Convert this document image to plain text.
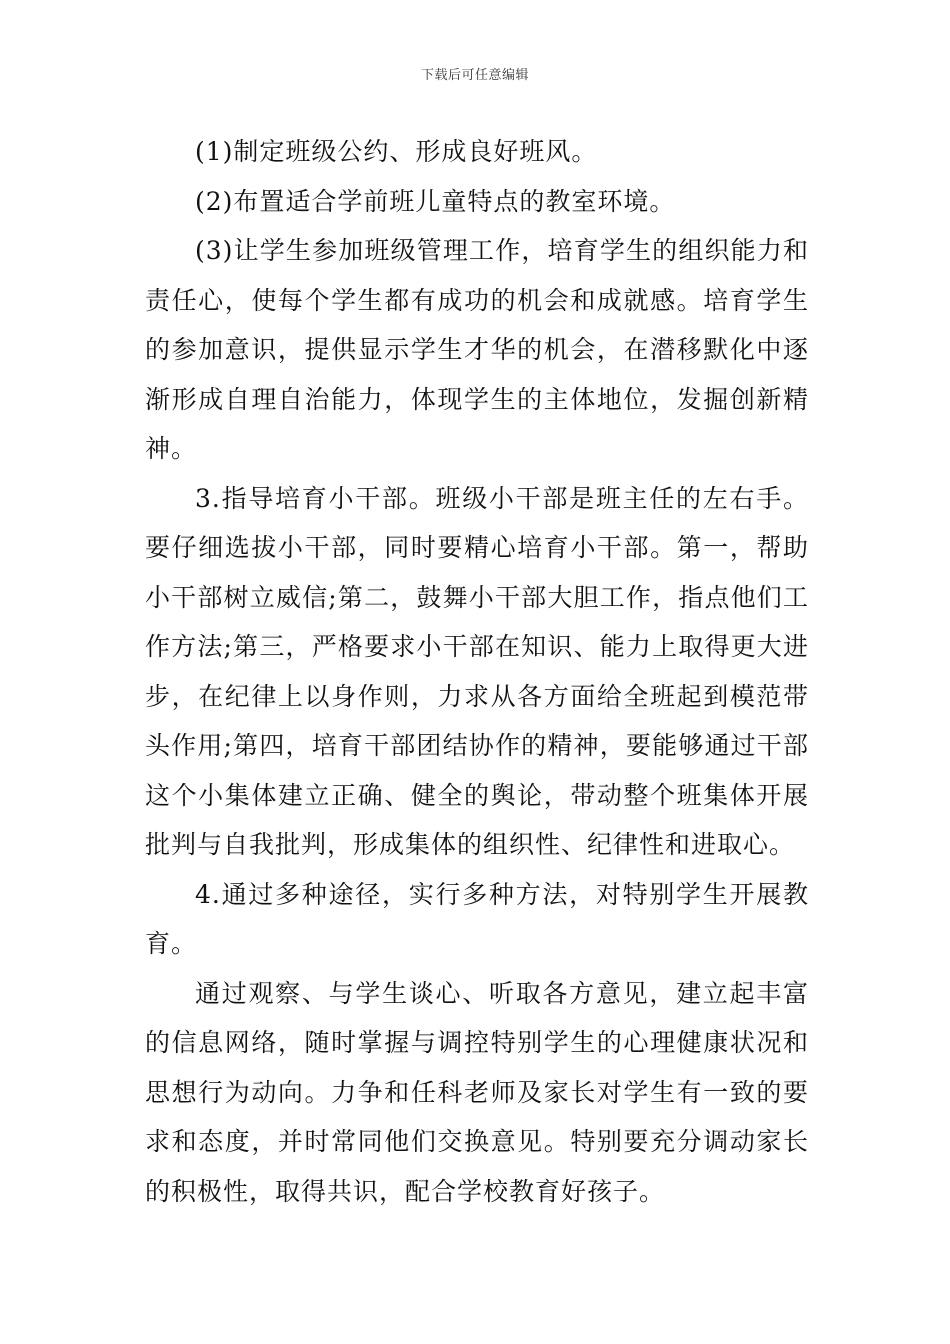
下载后可任意编辑

(1)制定班级公约、形成良好班风。

(2)布置适合学前班儿童特点的教室环境。

(3)让学生参加班级管理工作，培育学生的组织能力和责任心，使每个学生都有成功的机会和成就感。培育学生的参加意识，提供显示学生才华的机会，在潜移默化中逐渐形成自理自治能力，体现学生的主体地位，发掘创新精神。

3.指导培育小干部。班级小干部是班主任的左右手。要仔细选拔小干部，同时要精心培育小干部。第一，帮助小干部树立威信;第二，鼓舞小干部大胆工作，指点他们工作方法;第三，严格要求小干部在知识、能力上取得更大进步，在纪律上以身作则，力求从各方面给全班起到模范带头作用;第四，培育干部团结协作的精神，要能够通过干部这个小集体建立正确、健全的舆论，带动整个班集体开展批判与自我批判，形成集体的组织性、纪律性和进取心。

4.通过多种途径，实行多种方法，对特别学生开展教育。

通过观察、与学生谈心、听取各方意见，建立起丰富的信息网络，随时掌握与调控特别学生的心理健康状况和思想行为动向。力争和任科老师及家长对学生有一致的要求和态度，并时常同他们交换意见。特别要充分调动家长的积极性，取得共识，配合学校教育好孩子。
